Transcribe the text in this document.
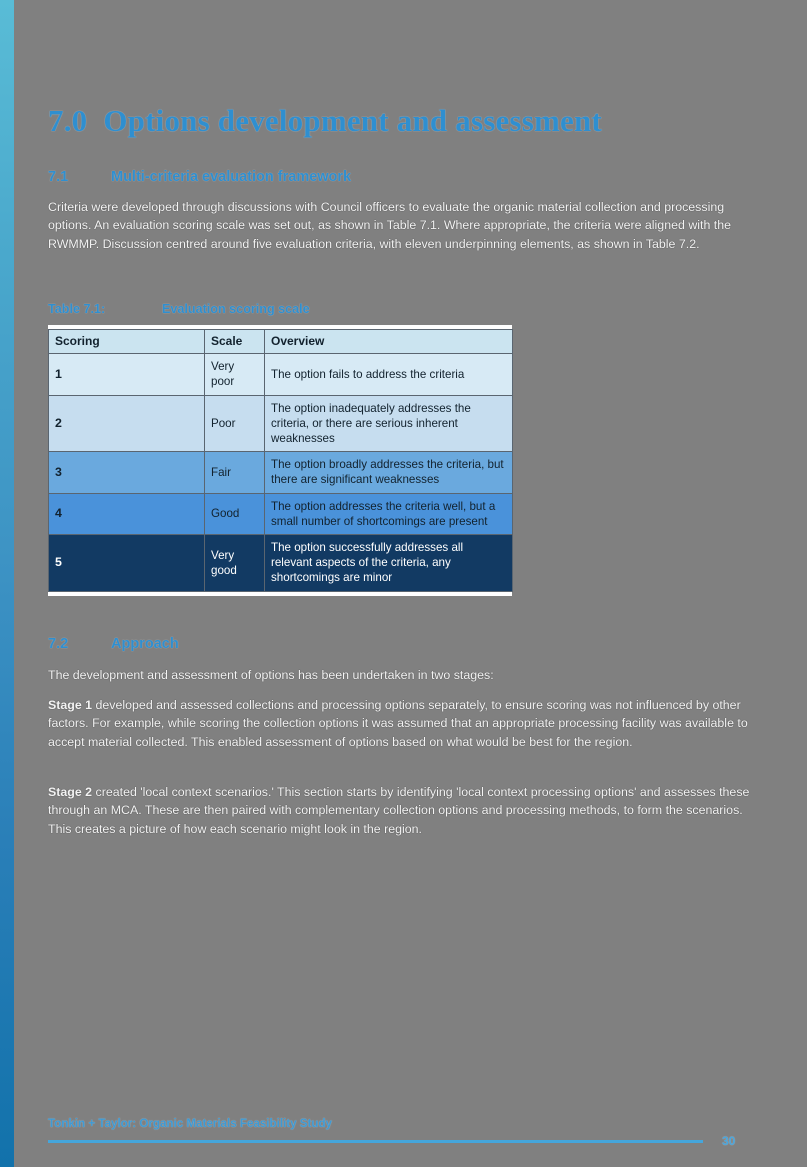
7.0 Options development and assessment
7.1	Multi-criteria evaluation framework
Criteria were developed through discussions with Council officers to evaluate the organic material collection and processing options. An evaluation scoring scale was set out, as shown in Table 7.1. Where appropriate, the criteria were aligned with the RWMMP. Discussion centred around five evaluation criteria, with eleven underpinning elements, as shown in Table 7.2.
Table 7.1:	Evaluation scoring scale
Scoring	Scale	Overview
1	Very poor	The option fails to address the criteria
2	Poor	The option inadequately addresses the criteria, or there are serious inherent weaknesses
3	Fair	The option broadly addresses the criteria, but there are significant weaknesses
4	Good	The option addresses the criteria well, but a small number of shortcomings are present
5	Very good	The option successfully addresses all relevant aspects of the criteria, any shortcomings are minor
7.2	Approach
The development and assessment of options has been undertaken in two stages:
Stage 1 developed and assessed collections and processing options separately, to ensure scoring was not influenced by other factors. For example, while scoring the collection options it was assumed that an appropriate processing facility was available to accept material collected. This enabled assessment of options based on what would be best for the region.
Stage 2 created 'local context scenarios.' This section starts by identifying 'local context processing options' and assesses these through an MCA. These are then paired with complementary collection options and processing methods, to form the scenarios. This creates a picture of how each scenario might look in the region.
Tonkin + Taylor: Organic Materials Feasibility Study
30
